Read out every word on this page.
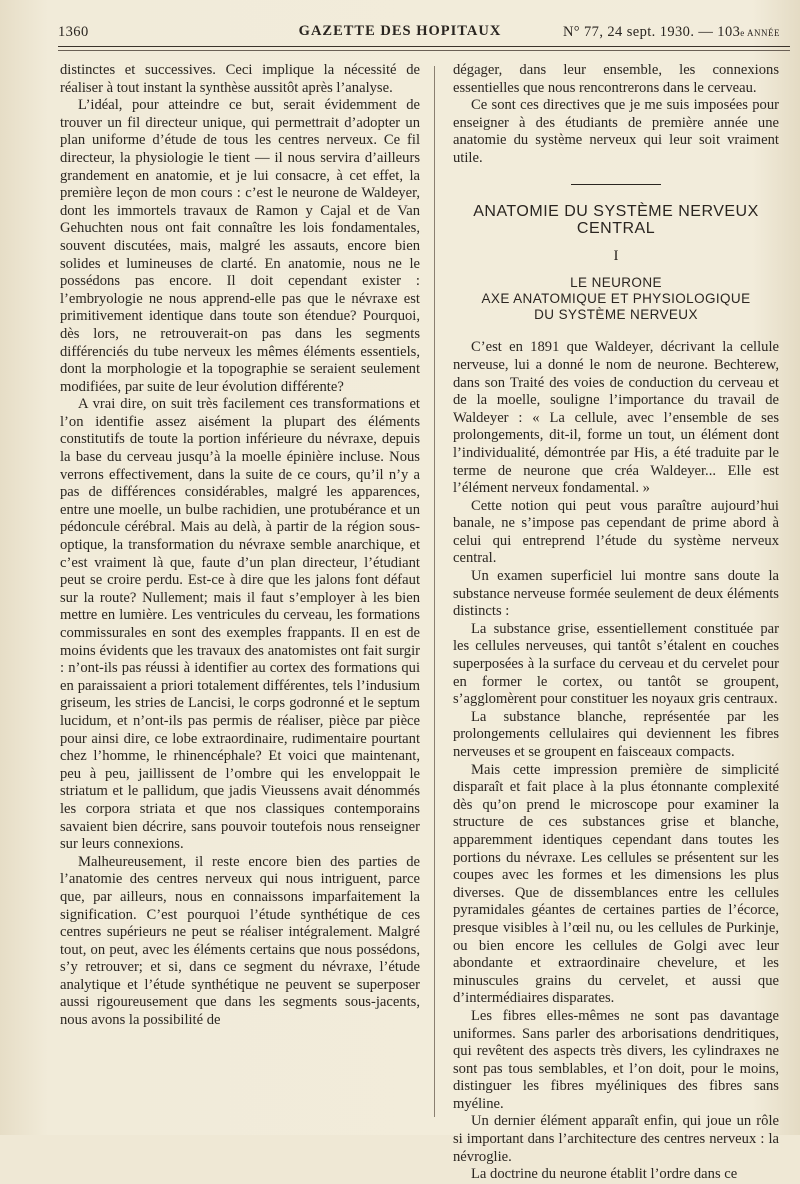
1360	GAZETTE DES HOPITAUX	N° 77, 24 sept. 1930. — 103e ANNÉE

distinctes et successives. Ceci implique la nécessité de réaliser à tout instant la synthèse aussitôt après l’analyse.

L’idéal, pour atteindre ce but, serait évidemment de trouver un fil directeur unique, qui permettrait d’adopter un plan uniforme d’étude de tous les centres nerveux. Ce fil directeur, la physiologie le tient — il nous servira d’ailleurs grandement en anatomie, et je lui consacre, à cet effet, la première leçon de mon cours : c’est le neurone de Waldeyer, dont les immortels travaux de Ramon y Cajal et de Van Gehuchten nous ont fait connaître les lois fondamentales, souvent discutées, mais, malgré les assauts, encore bien solides et lumineuses de clarté. En anatomie, nous ne le possédons pas encore. Il doit cependant exister : l’embryologie ne nous apprend-elle pas que le névraxe est primitivement identique dans toute son étendue? Pourquoi, dès lors, ne retrouverait-on pas dans les segments différenciés du tube nerveux les mêmes éléments essentiels, dont la morphologie et la topographie se seraient seulement modifiées, par suite de leur évolution différente?

A vrai dire, on suit très facilement ces transformations et l’on identifie assez aisément la plupart des éléments constitutifs de toute la portion inférieure du névraxe, depuis la base du cerveau jusqu’à la moelle épinière incluse. Nous verrons effectivement, dans la suite de ce cours, qu’il n’y a pas de différences considérables, malgré les apparences, entre une moelle, un bulbe rachidien, une protubérance et un pédoncule cérébral. Mais au delà, à partir de la région sous-optique, la transformation du névraxe semble anarchique, et c’est vraiment là que, faute d’un plan directeur, l’étudiant peut se croire perdu. Est-ce à dire que les jalons font défaut sur la route? Nullement; mais il faut s’employer à les bien mettre en lumière. Les ventricules du cerveau, les formations commissurales en sont des exemples frappants. Il en est de moins évidents que les travaux des anatomistes ont fait surgir : n’ont-ils pas réussi à identifier au cortex des formations qui en paraissaient a priori totalement différentes, tels l’indusium griseum, les stries de Lancisi, le corps godronné et le septum lucidum, et n’ont-ils pas permis de réaliser, pièce par pièce pour ainsi dire, ce lobe extraordinaire, rudimentaire pourtant chez l’homme, le rhinencéphale? Et voici que maintenant, peu à peu, jaillissent de l’ombre qui les enveloppait le striatum et le pallidum, que jadis Vieussens avait dénommés les corpora striata et que nos classiques contemporains savaient bien décrire, sans pouvoir toutefois nous renseigner sur leurs connexions.

Malheureusement, il reste encore bien des parties de l’anatomie des centres nerveux qui nous intriguent, parce que, par ailleurs, nous en connaissons imparfaitement la signification. C’est pourquoi l’étude synthétique de ces centres supérieurs ne peut se réaliser intégralement. Malgré tout, on peut, avec les éléments certains que nous possédons, s’y retrouver; et si, dans ce segment du névraxe, l’étude analytique et l’étude synthétique ne peuvent se superposer aussi rigoureusement que dans les segments sous-jacents, nous avons la possibilité de

dégager, dans leur ensemble, les connexions essentielles que nous rencontrerons dans le cerveau.

Ce sont ces directives que je me suis imposées pour enseigner à des étudiants de première année une anatomie du système nerveux qui leur soit vraiment utile.

ANATOMIE DU SYSTÈME NERVEUX CENTRAL
I
LE NEURONE
AXE ANATOMIQUE ET PHYSIOLOGIQUE
DU SYSTÈME NERVEUX

C’est en 1891 que Waldeyer, décrivant la cellule nerveuse, lui a donné le nom de neurone. Bechterew, dans son Traité des voies de conduction du cerveau et de la moelle, souligne l’importance du travail de Waldeyer : « La cellule, avec l’ensemble de ses prolongements, dit-il, forme un tout, un élément dont l’individualité, démontrée par His, a été traduite par le terme de neurone que créa Waldeyer... Elle est l’élément nerveux fondamental. »

Cette notion qui peut vous paraître aujourd’hui banale, ne s’impose pas cependant de prime abord à celui qui entreprend l’étude du système nerveux central.

Un examen superficiel lui montre sans doute la substance nerveuse formée seulement de deux éléments distincts :

La substance grise, essentiellement constituée par les cellules nerveuses, qui tantôt s’étalent en couches superposées à la surface du cerveau et du cervelet pour en former le cortex, ou tantôt se groupent, s’agglomèrent pour constituer les noyaux gris centraux.

La substance blanche, représentée par les prolongements cellulaires qui deviennent les fibres nerveuses et se groupent en faisceaux compacts.

Mais cette impression première de simplicité disparaît et fait place à la plus étonnante complexité dès qu’on prend le microscope pour examiner la structure de ces substances grise et blanche, apparemment identiques cependant dans toutes les portions du névraxe. Les cellules se présentent sur les coupes avec les formes et les dimensions les plus diverses. Que de dissemblances entre les cellules pyramidales géantes de certaines parties de l’écorce, presque visibles à l’œil nu, ou les cellules de Purkinje, ou bien encore les cellules de Golgi avec leur abondante et extraordinaire chevelure, et les minuscules grains du cervelet, et aussi que d’intermédiaires disparates.

Les fibres elles-mêmes ne sont pas davantage uniformes. Sans parler des arborisations dendritiques, qui revêtent des aspects très divers, les cylindraxes ne sont pas tous semblables, et l’on doit, pour le moins, distinguer les fibres myéliniques des fibres sans myéline.

Un dernier élément apparaît enfin, qui joue un rôle si important dans l’architecture des centres nerveux : la névroglie.

La doctrine du neurone établit l’ordre dans ce
